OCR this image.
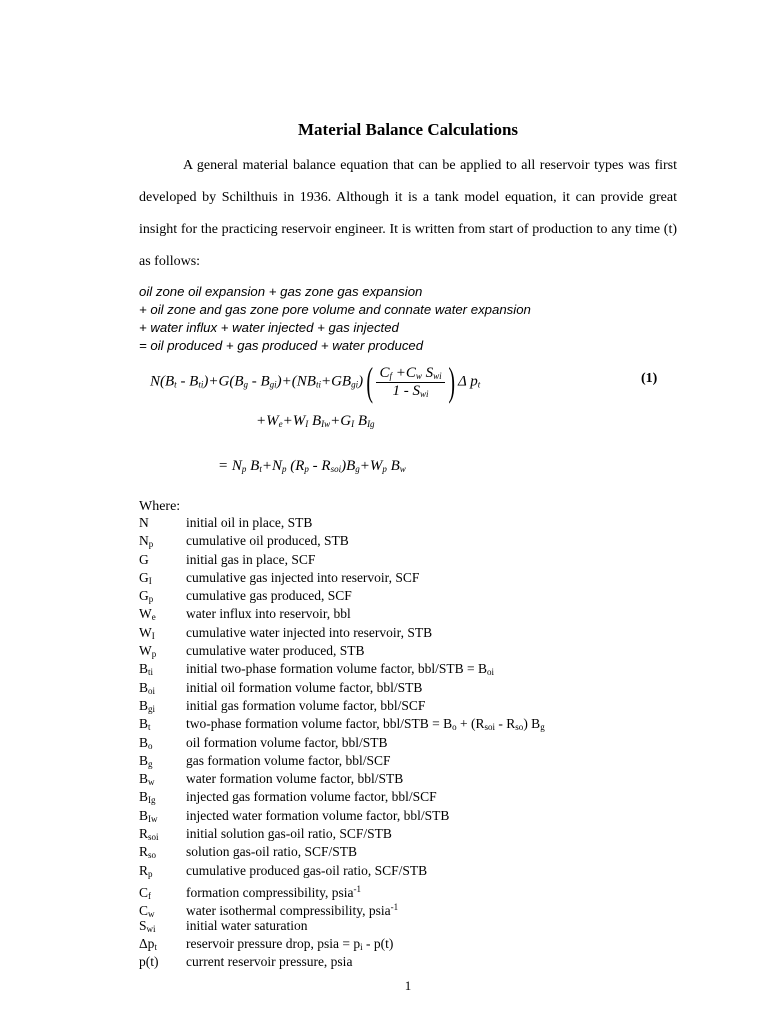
Material Balance Calculations
A general material balance equation that can be applied to all reservoir types was first developed by Schilthuis in 1936. Although it is a tank model equation, it can provide great insight for the practicing reservoir engineer. It is written from start of production to any time (t) as follows:
oil zone oil expansion + gas zone gas expansion
+ oil zone and gas zone pore volume and connate water expansion
+ water influx + water injected + gas injected
= oil produced + gas produced + water produced
$N(B_t - B_{ti})+G(B_g - B_{gi})+(NB_{ti}+GB_{gi})( \frac{C_f +C_w S_{wi}}{1 - S_{wi}}$ ) Δ $p_t$	(1)
$+W_e+W_I$ $B_{Iw}+G_I$ $B_{Ig}$
= $N_p$ $B_t+N_p$ $(R_p - R_{soi})B_g+W_p$ $B_w$
Where:
N	initial oil in place, STB
$N_p$ cumulative oil produced, STB
G	initial gas in place, SCF
$G_I$	cumulative gas injected into reservoir, SCF
$G_p$ cumulative gas produced, SCF
$W_e$ water influx into reservoir, bbl
$W_I$ cumulative water injected into reservoir, STB
$W_p$ cumulative water produced, STB
$B_{ti}$ initial two-phase formation volume factor, $bbl/STB = B_{oi}$
$B_{oi}$ initial oil formation volume factor, bbl/STB
$B_{gi}$ initial gas formation volume factor, bbl/SCF
$B_t$	two-phase formation volume factor, $bbl/STB = B_o + (R_{soi} - R_{so})$ $B_g$
$B_o$ oil formation volume factor, bbl/STB
$B_g$ gas formation volume factor, bbl/SCF
$B_w$ water formation volume factor, bbl/STB
$B_{Ig}$ injected gas formation volume factor, bbl/SCF
$B_{Iw}$ injected water formation volume factor, bbl/STB
$R_{soi}$ initial solution gas-oil ratio, SCF/STB
$R_{so}$ solution gas-oil ratio, SCF/STB
$R_p$ cumulative produced gas-oil ratio, SCF/STB
$C_f$	formation compressibility, psia$^{-1}$
$C_w$ water isothermal compressibility, psia$^{-1}$
$S_{wi}$ initial water saturation
$\Delta p_t$ reservoir pressure drop, psia = $p_i - p(t)$
p(t) current reservoir pressure, psia
1
